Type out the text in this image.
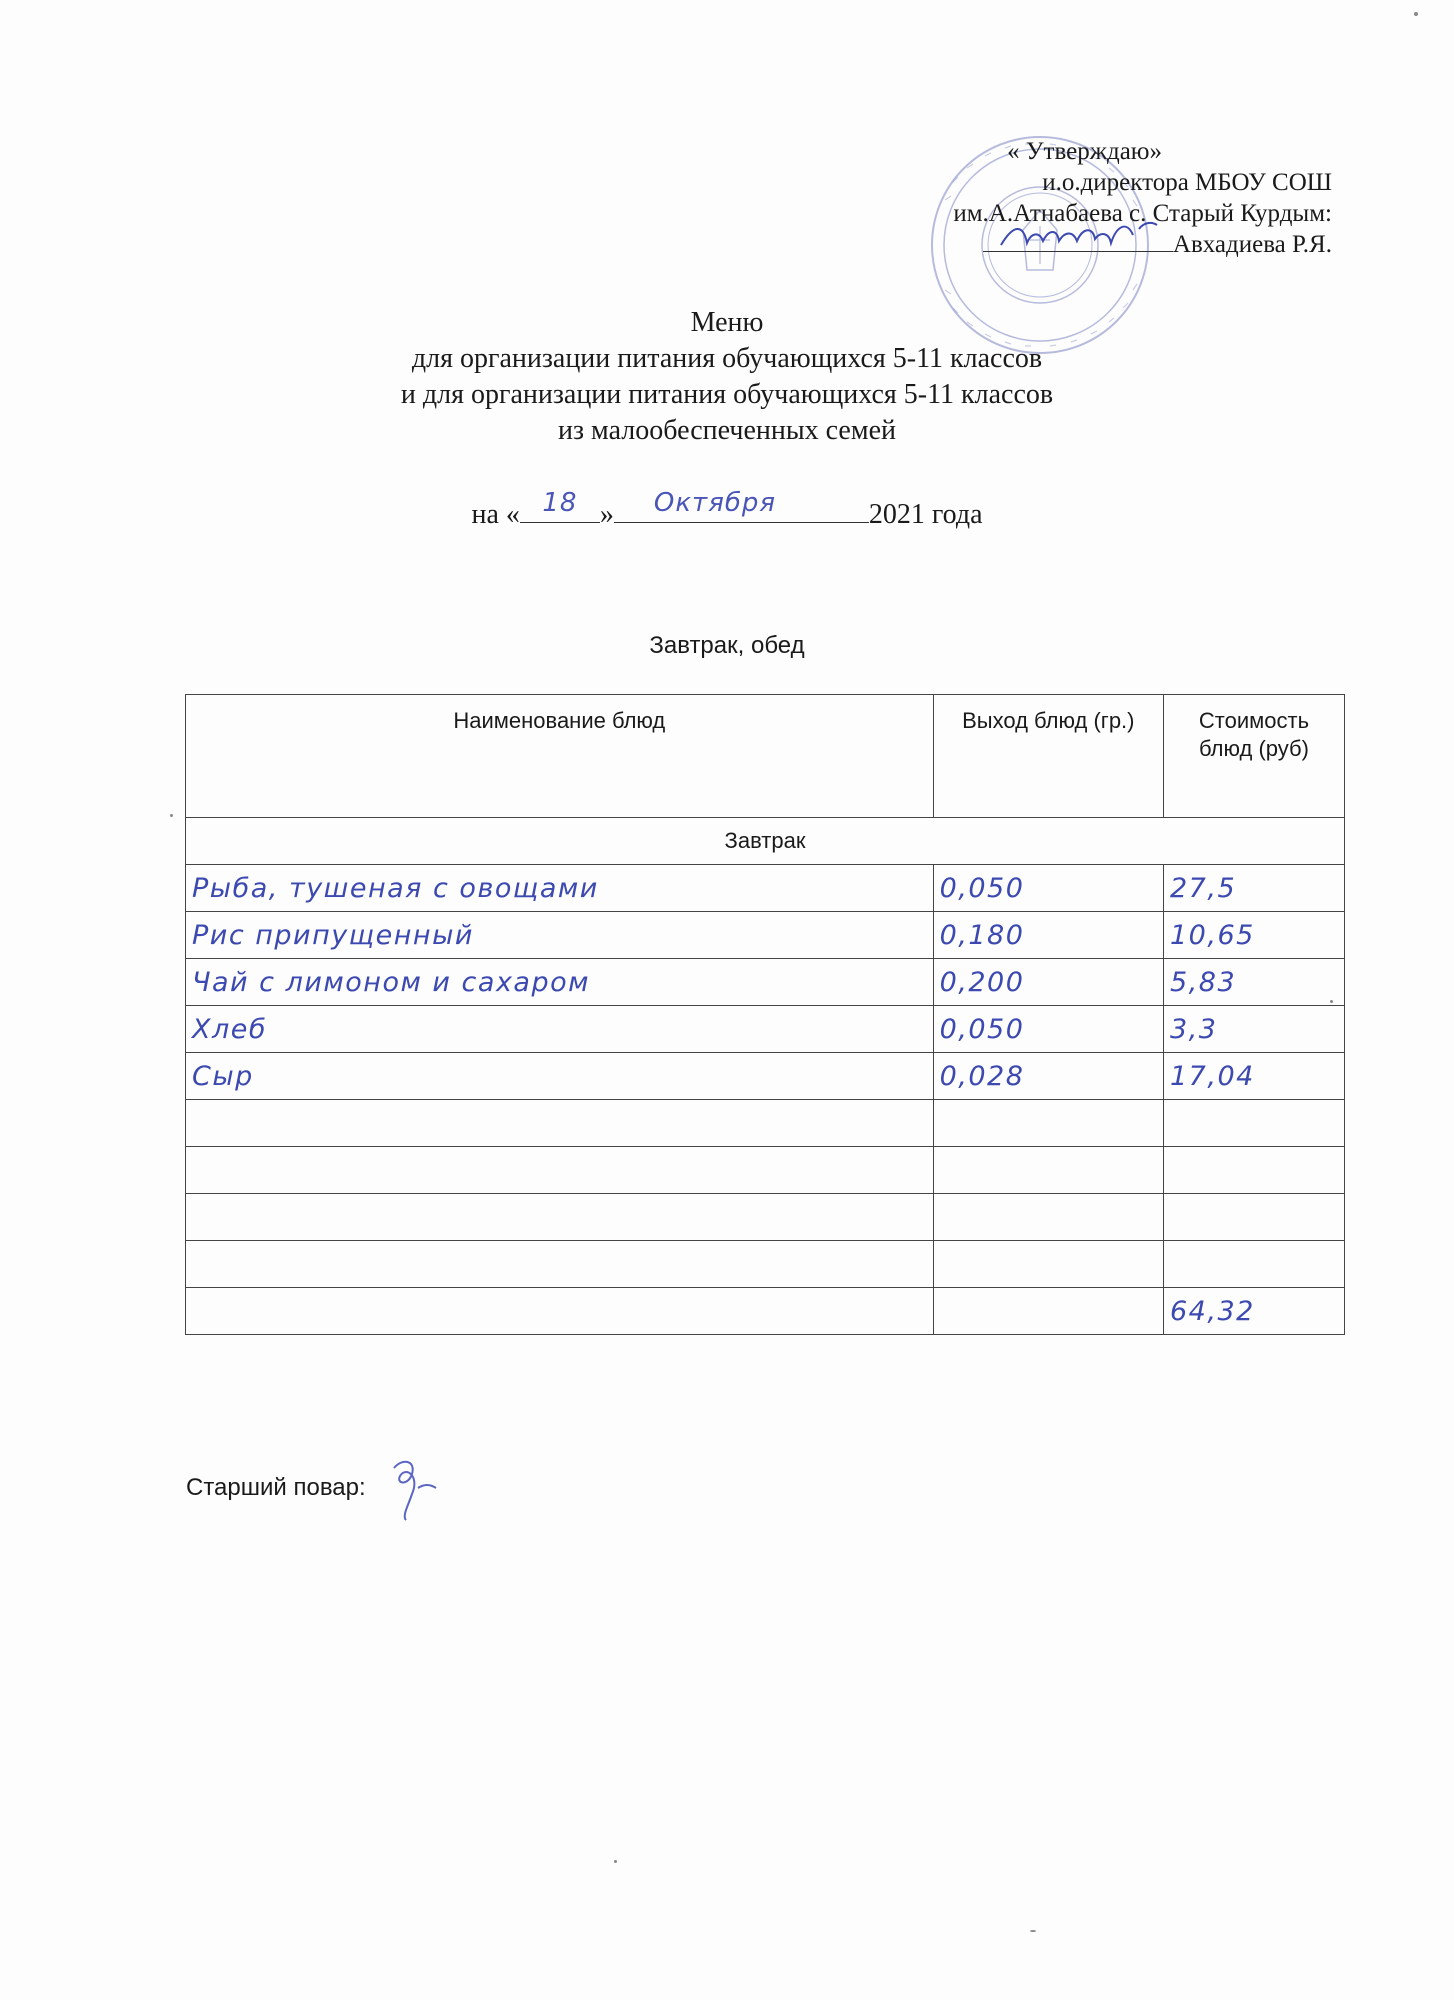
« Утверждаю»
и.о.директора МБОУ СОШ
им.А.Атнабаева с. Старый Курдым:
Авхадиева Р.Я.
Меню
для организации питания обучающихся 5-11 классов
и для организации питания обучающихся 5-11 классов
из малообеспеченных семей
на « 18 » Октября	2021 года
Завтрак, обед
Наименование блюд	Выход блюд (гр.)	Стоимость блюд (руб)
Завтрак		
Рыба, тушеная с овощами	0,050	27,5
Рис припущенный	0,180	10,65
Чай с лимоном и сахаром	0,200	5,83
Хлеб	0,050	3,3
Сыр	0,028	17,04

		64,32
Старший повар:
